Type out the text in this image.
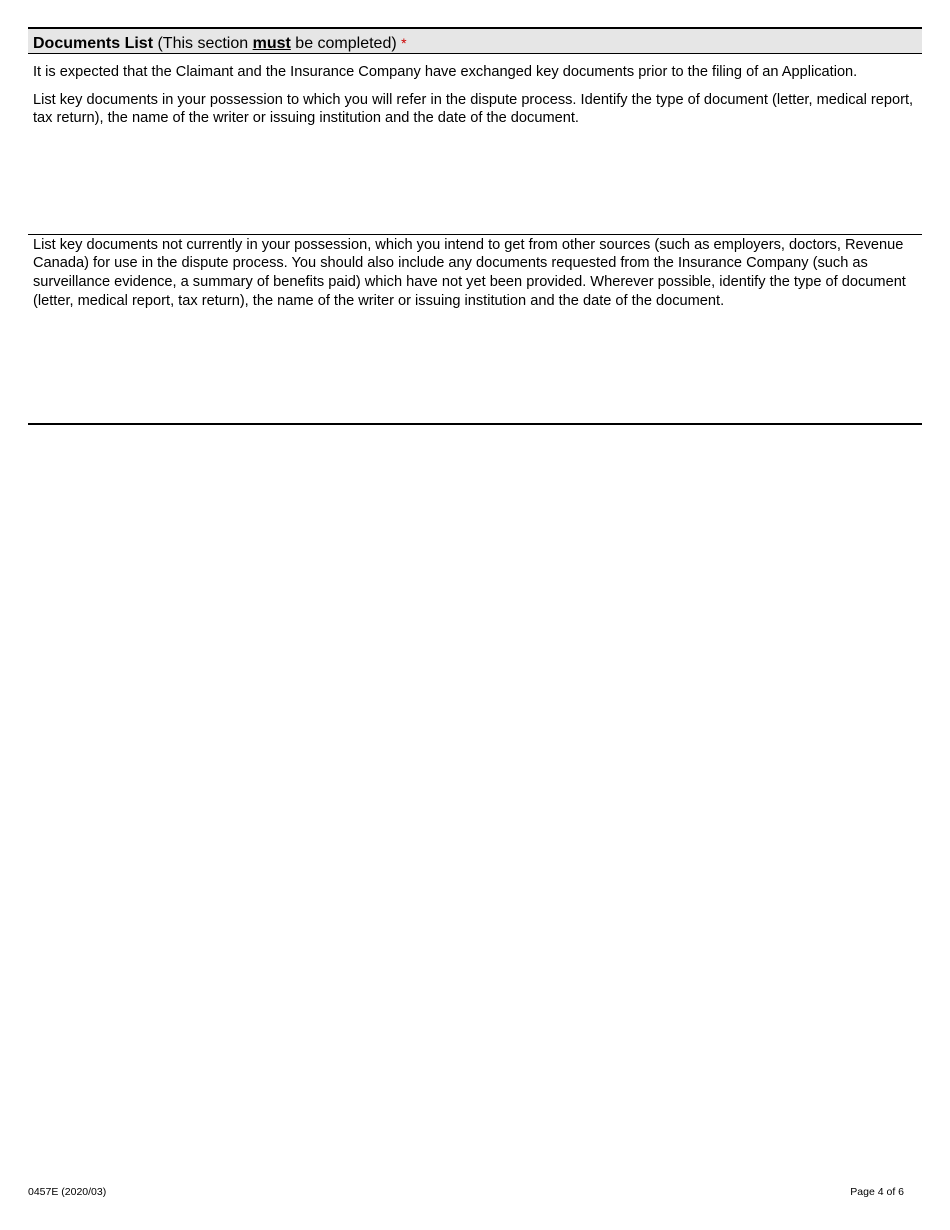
Documents List (This section must be completed) *
It is expected that the Claimant and the Insurance Company have exchanged key documents prior to the filing of an Application.
List key documents in your possession to which you will refer in the dispute process. Identify the type of document (letter, medical report, tax return), the name of the writer or issuing institution and the date of the document.
List key documents not currently in your possession, which you intend to get from other sources (such as employers, doctors, Revenue Canada) for use in the dispute process. You should also include any documents requested from the Insurance Company (such as surveillance evidence, a summary of benefits paid) which have not yet been provided. Wherever possible, identify the type of document (letter, medical report, tax return), the name of the writer or issuing institution and the date of the document.
0457E (2020/03)	Page 4 of 6
